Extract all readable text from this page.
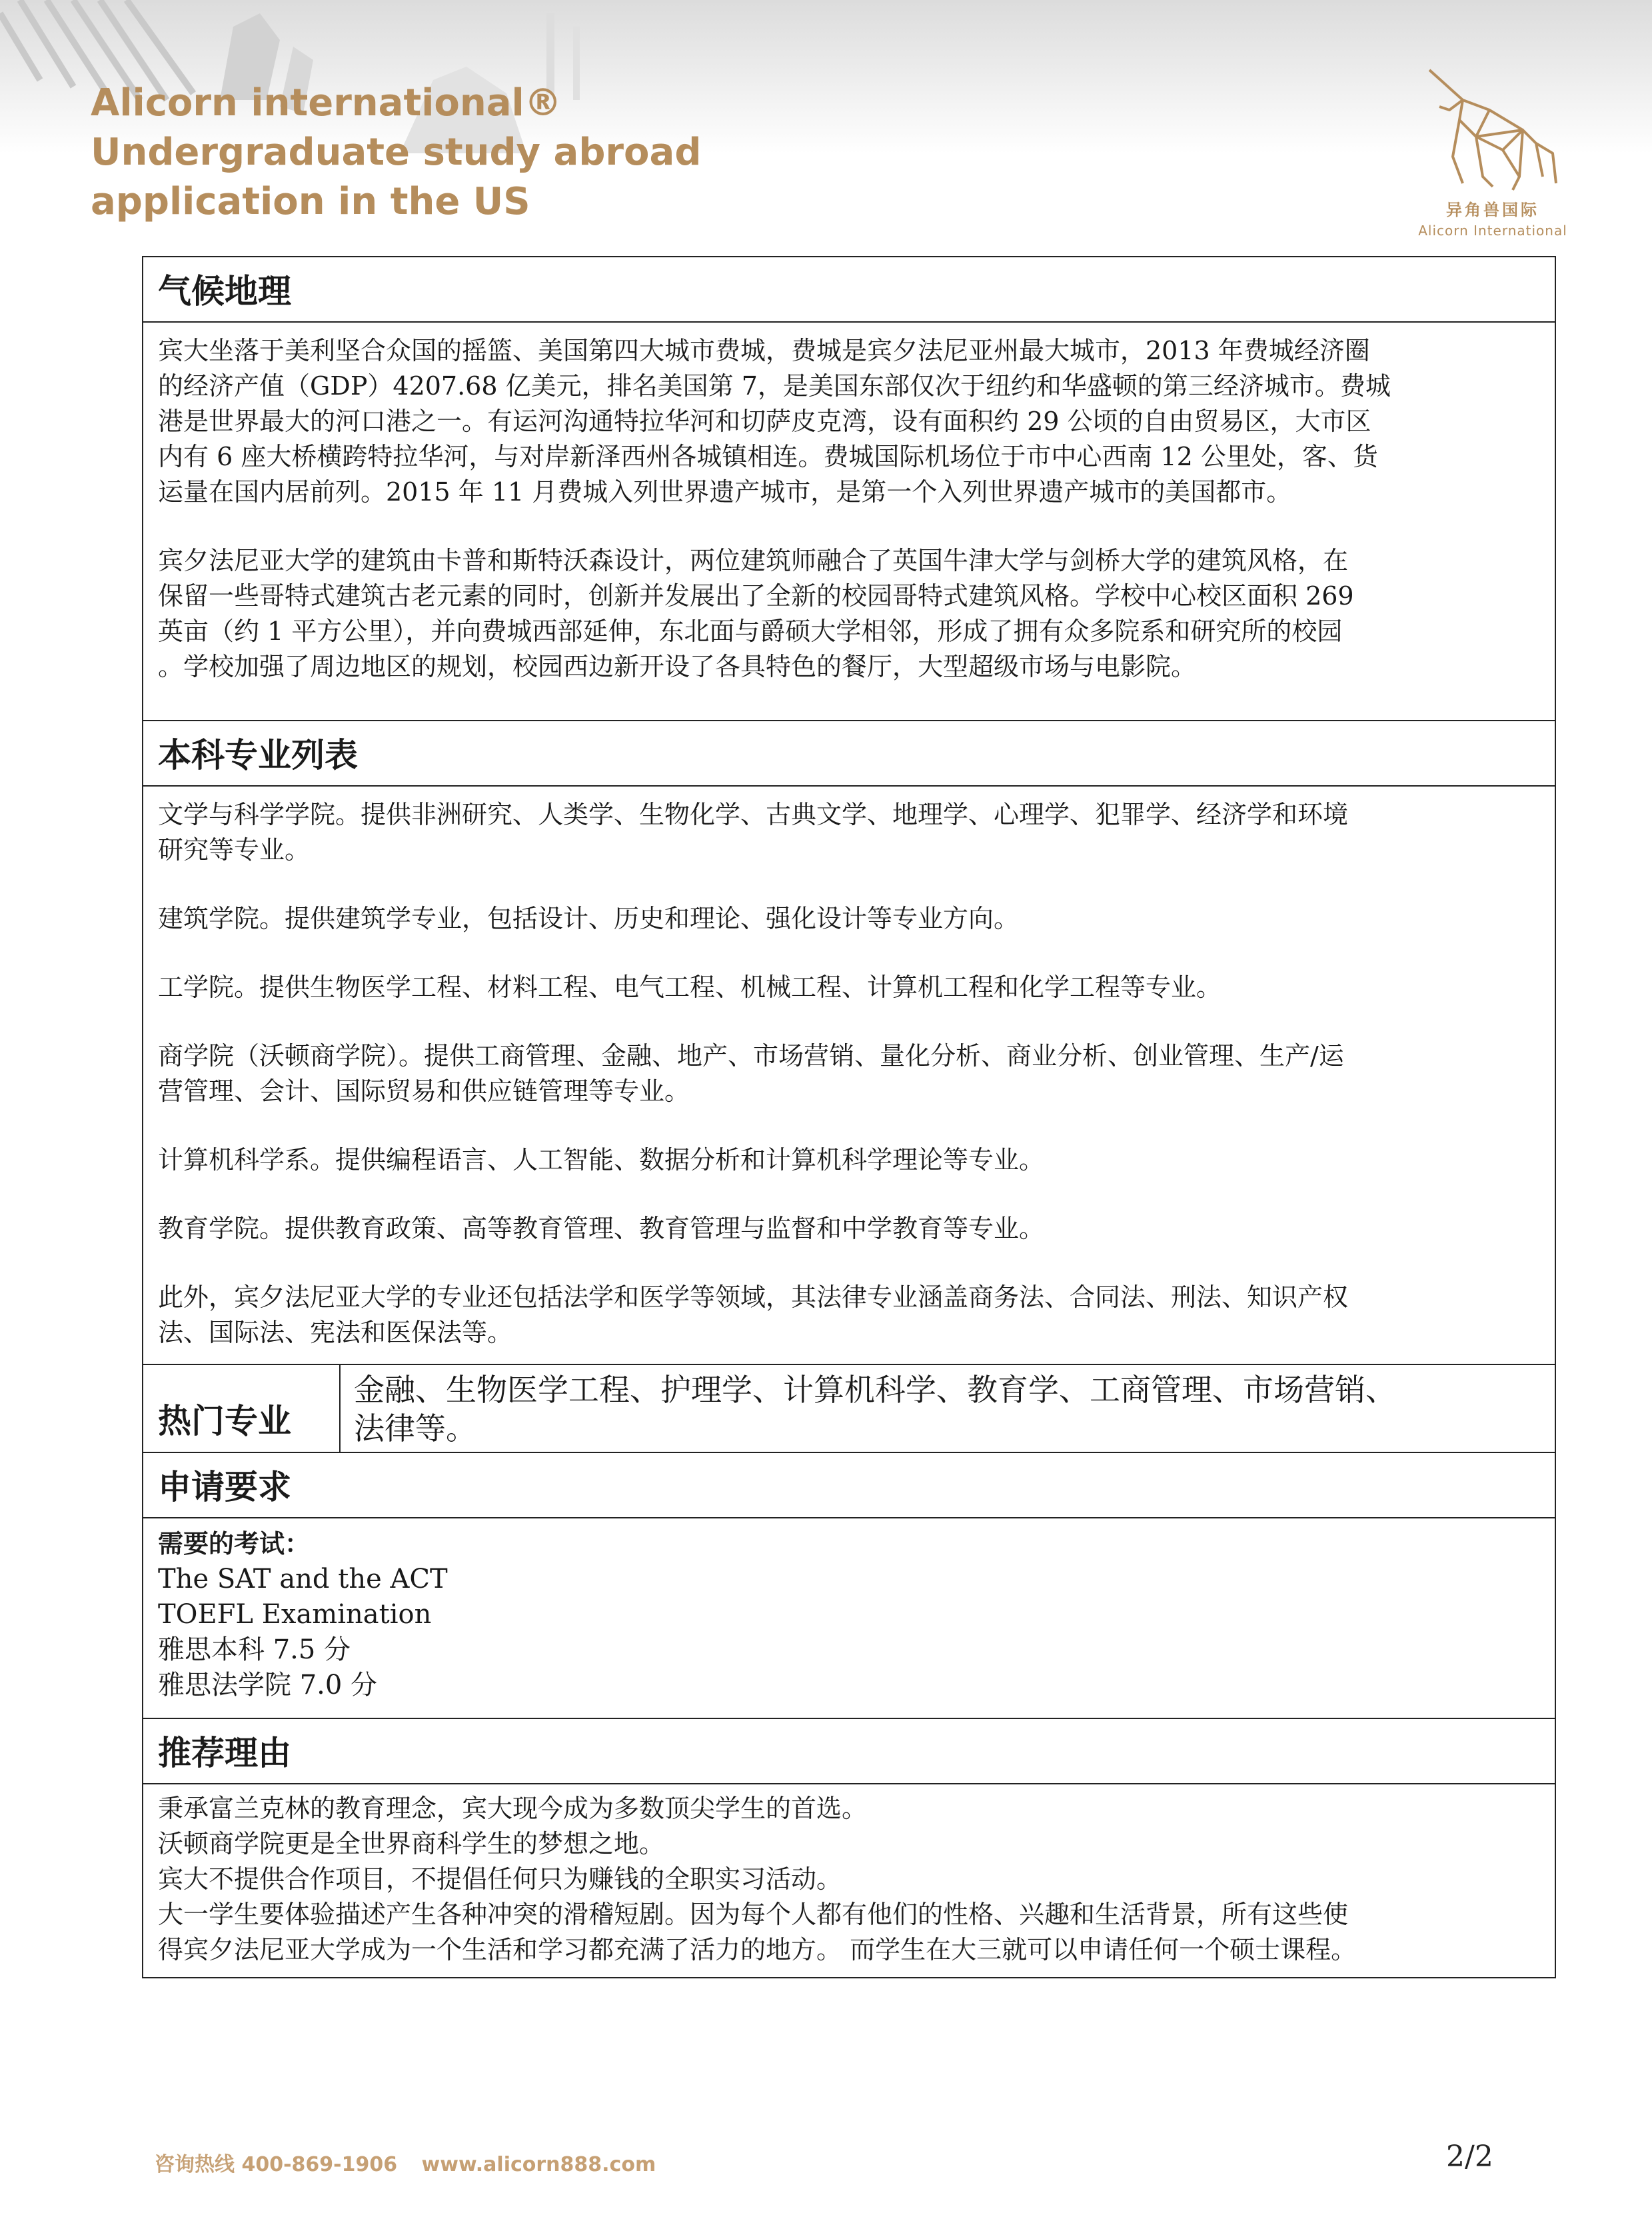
Alicorn international®
Undergraduate study abroad
application in the US	异角兽国际
Alicorn International
气候地理

宾大坐落于美利坚合众国的摇篮、美国第四大城市费城，费城是宾夕法尼亚州最大城市，2013 年费城经济圈
的经济产值（GDP）4207.68 亿美元，排名美国第 7，是美国东部仅次于纽约和华盛顿的第三经济城市。费城
港是世界最大的河口港之一。有运河沟通特拉华河和切萨皮克湾，设有面积约 29 公顷的自由贸易区，大市区
内有 6 座大桥横跨特拉华河，与对岸新泽西州各城镇相连。费城国际机场位于市中心西南 12 公里处，客、货
运量在国内居前列。2015 年 11 月费城入列世界遗产城市，是第一个入列世界遗产城市的美国都市。

宾夕法尼亚大学的建筑由卡普和斯特沃森设计，两位建筑师融合了英国牛津大学与剑桥大学的建筑风格，在
保留一些哥特式建筑古老元素的同时，创新并发展出了全新的校园哥特式建筑风格。学校中心校区面积 269
英亩（约 1 平方公里），并向费城西部延伸，东北面与爵硕大学相邻，形成了拥有众多院系和研究所的校园
。学校加强了周边地区的规划，校园西边新开设了各具特色的餐厅，大型超级市场与电影院。

本科专业列表

文学与科学学院。提供非洲研究、人类学、生物化学、古典文学、地理学、心理学、犯罪学、经济学和环境
研究等专业。

建筑学院。提供建筑学专业，包括设计、历史和理论、强化设计等专业方向。

工学院。提供生物医学工程、材料工程、电气工程、机械工程、计算机工程和化学工程等专业。

商学院（沃顿商学院）。提供工商管理、金融、地产、市场营销、量化分析、商业分析、创业管理、生产/运
营管理、会计、国际贸易和供应链管理等专业。

计算机科学系。提供编程语言、人工智能、数据分析和计算机科学理论等专业。

教育学院。提供教育政策、高等教育管理、教育管理与监督和中学教育等专业。

此外，宾夕法尼亚大学的专业还包括法学和医学等领域，其法律专业涵盖商务法、合同法、刑法、知识产权
法、国际法、宪法和医保法等。

热门专业	
金融、生物医学工程、护理学、计算机科学、教育学、工商管理、市场营销、
法律等。

申请要求

需要的考试：
The SAT and the ACT
TOEFL Examination
雅思本科 7.5 分
雅思法学院 7.0 分

推荐理由

秉承富兰克林的教育理念，宾大现今成为多数顶尖学生的首选。
沃顿商学院更是全世界商科学生的梦想之地。
宾大不提供合作项目，不提倡任何只为赚钱的全职实习活动。
大一学生要体验描述产生各种冲突的滑稽短剧。因为每个人都有他们的性格、兴趣和生活背景，所有这些使
得宾夕法尼亚大学成为一个生活和学习都充满了活力的地方。 而学生在大三就可以申请任何一个硕士课程。
咨询热线 400-869-1906 www.alicorn888.com	2/2
